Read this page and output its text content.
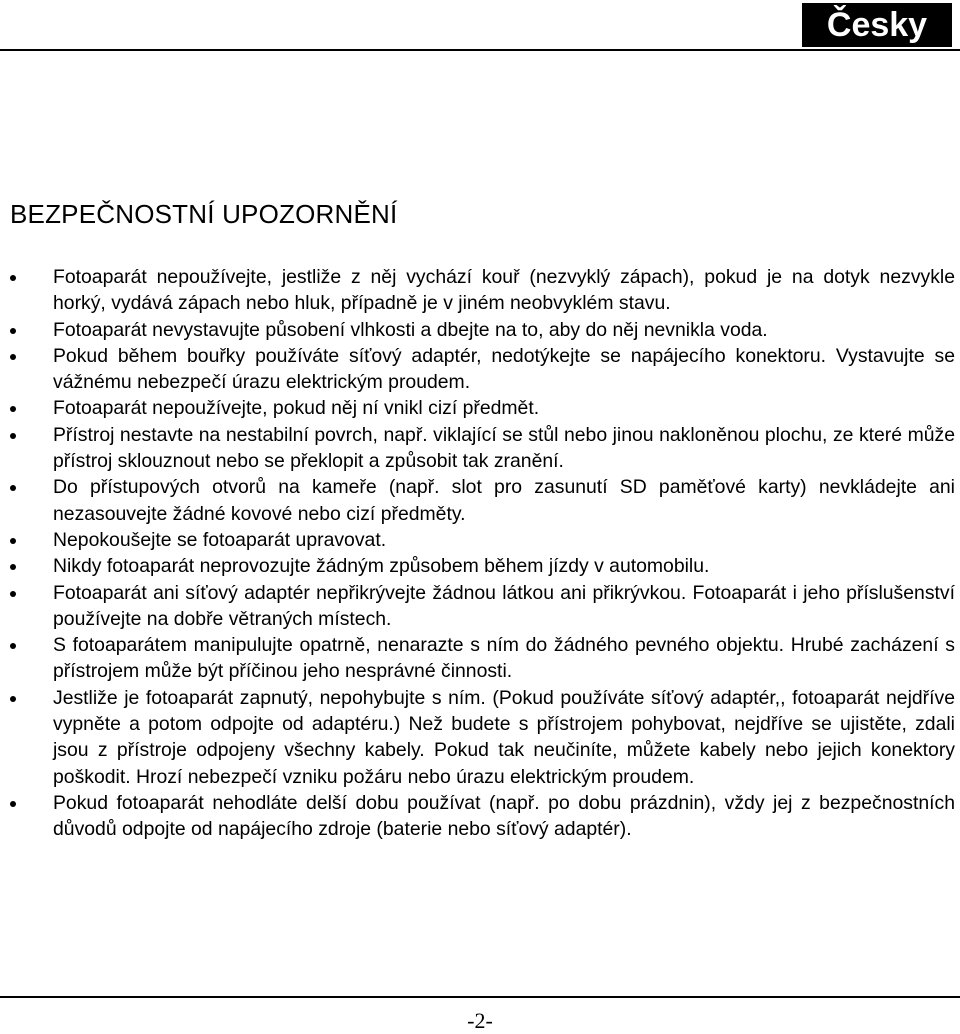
Česky
BEZPEČNOSTNÍ UPOZORNĚNÍ
Fotoaparát nepoužívejte, jestliže z něj vychází kouř (nezvyklý zápach), pokud je na dotyk nezvykle horký, vydává zápach nebo hluk, případně je v jiném neobvyklém stavu.
Fotoaparát nevystavujte působení vlhkosti a dbejte na to, aby do něj nevnikla voda.
Pokud během bouřky používáte síťový adaptér, nedotýkejte se napájecího konektoru. Vystavujte se vážnému nebezpečí úrazu elektrickým proudem.
Fotoaparát nepoužívejte, pokud něj ní vnikl cizí předmět.
Přístroj nestavte na nestabilní povrch, např. viklající se stůl nebo jinou nakloněnou plochu, ze které může přístroj sklouznout nebo se překlopit a způsobit tak zranění.
Do přístupových otvorů na kameře (např. slot pro zasunutí SD paměťové karty) nevkládejte ani nezasouvejte žádné kovové nebo cizí předměty.
Nepokoušejte se fotoaparát upravovat.
Nikdy fotoaparát neprovozujte žádným způsobem během jízdy v automobilu.
Fotoaparát ani síťový adaptér nepřikrývejte žádnou látkou ani přikrývkou. Fotoaparát i jeho příslušenství používejte na dobře větraných místech.
S fotoaparátem manipulujte opatrně, nenarazte s ním do žádného pevného objektu. Hrubé zacházení s přístrojem může být příčinou jeho nesprávné činnosti.
Jestliže je fotoaparát zapnutý, nepohybujte s ním. (Pokud používáte síťový adaptér,, fotoaparát nejdříve vypněte a potom odpojte od adaptéru.) Než budete s přístrojem pohybovat, nejdříve se ujistěte, zdali jsou z přístroje odpojeny všechny kabely. Pokud tak neučiníte, můžete kabely nebo jejich konektory poškodit. Hrozí nebezpečí vzniku požáru nebo úrazu elektrickým proudem.
Pokud fotoaparát nehodláte delší dobu používat (např. po dobu prázdnin), vždy jej z bezpečnostních důvodů odpojte od napájecího zdroje (baterie nebo síťový adaptér).
-2-
